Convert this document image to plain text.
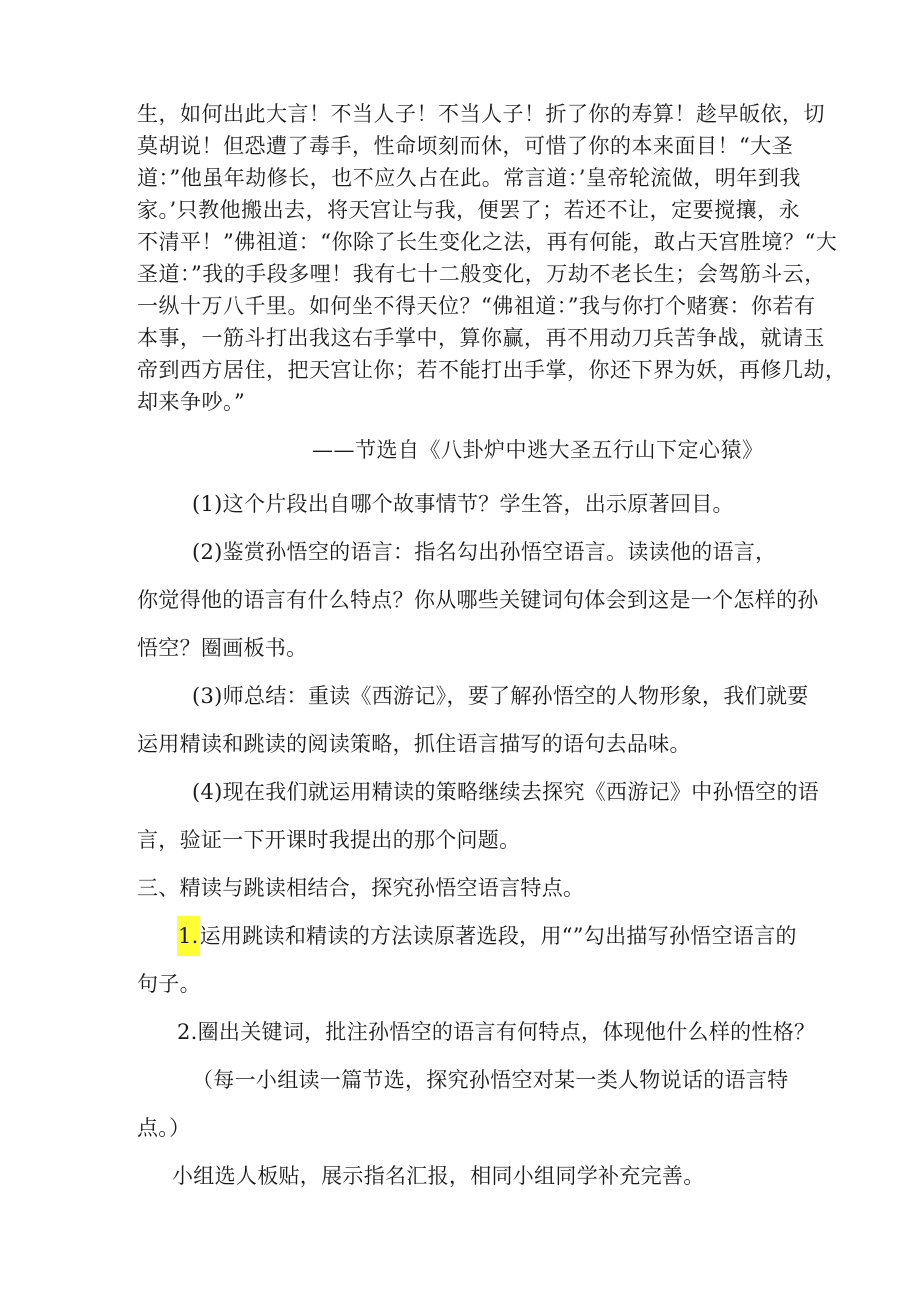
生，如何出此大言！不当人子！不当人子！折了你的寿算！趁早皈依，切
莫胡说！但恐遭了毒手，性命顷刻而休，可惜了你的本来面目！“大圣
道：”他虽年劫修长，也不应久占在此。常言道：’皇帝轮流做，明年到我
家。’只教他搬出去，将天宫让与我，便罢了；若还不让，定要搅攘，永
不清平！”佛祖道：“你除了长生变化之法，再有何能，敢占天宫胜境？“大
圣道：”我的手段多哩！我有七十二般变化，万劫不老长生；会驾筋斗云，
一纵十万八千里。如何坐不得天位？“佛祖道：”我与你打个赌赛：你若有
本事，一筋斗打出我这右手掌中，算你赢，再不用动刀兵苦争战，就请玉
帝到西方居住，把天宫让你；若不能打出手掌，你还下界为妖，再修几劫，
却来争吵。”
——节选自《八卦炉中逃大圣五行山下定心猿》
(1)这个片段出自哪个故事情节？学生答，出示原著回目。
(2)鉴赏孙悟空的语言：指名勾出孙悟空语言。读读他的语言，
你觉得他的语言有什么特点？你从哪些关键词句体会到这是一个怎样的孙
悟空？圈画板书。
(3)师总结：重读《西游记》，要了解孙悟空的人物形象，我们就要
运用精读和跳读的阅读策略，抓住语言描写的语句去品味。
(4)现在我们就运用精读的策略继续去探究《西游记》中孙悟空的语
言，验证一下开课时我提出的那个问题。
三、精读与跳读相结合，探究孙悟空语言特点。
1.运用跳读和精读的方法读原著选段，用“”勾出描写孙悟空语言的
句子。
2.圈出关键词，批注孙悟空的语言有何特点，体现他什么样的性格？
（每一小组读一篇节选，探究孙悟空对某一类人物说话的语言特
点。）
小组选人板贴，展示指名汇报，相同小组同学补充完善。
